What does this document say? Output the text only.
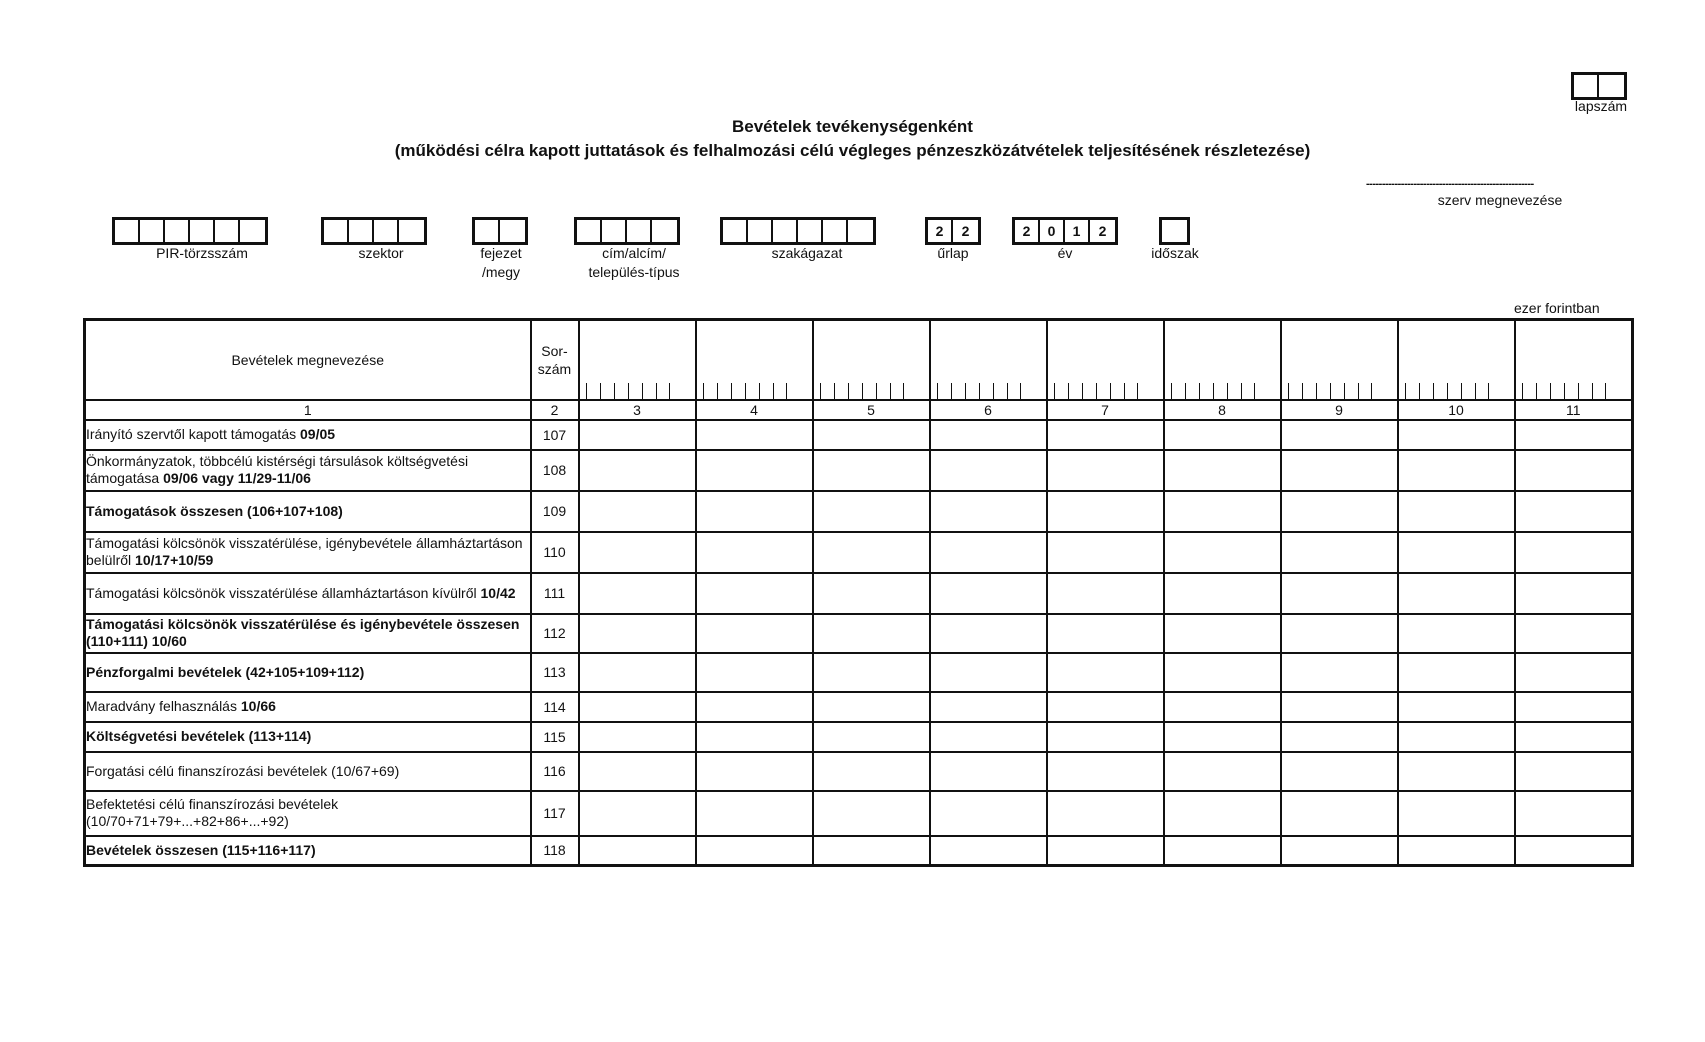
lapszám
Bevételek tevékenységenként
(működési célra kapott juttatások és felhalmozási célú végleges pénzeszközátvételek teljesítésének részletezése)
-----------------------------------------------------
szerv megnevezése
PIR-törzsszám	szektor	fejezet
/megy
cím/alcím/
település-típus
szakágazat
2	2
űrlap
2	0	1	2
év	időszak
ezer forintban
Bevételek megnevezése	Sor-
szám									

1	2	3	4	5	6	7	8	9	10	11
Irányító szervtől kapott támogatás 09/05	107									
Önkormányzatok, többcélú kistérségi társulások költségvetési támogatása 09/06 vagy 11/29-11/06	108									
Támogatások összesen (106+107+108)	109									
Támogatási kölcsönök visszatérülése, igénybevétele államháztartáson belülről 10/17+10/59	110									
Támogatási kölcsönök visszatérülése államháztartáson kívülről 10/42	111									
Támogatási kölcsönök visszatérülése és igénybevétele összesen (110+111) 10/60	112									
Pénzforgalmi bevételek (42+105+109+112)	113									
Maradvány felhasználás 10/66	114									
Költségvetési bevételek (113+114)	115									
Forgatási célú finanszírozási bevételek (10/67+69)	116									
Befektetési célú finanszírozási bevételek (10/70+71+79+...+82+86+...+92)	117									
Bevételek összesen (115+116+117)	118									
